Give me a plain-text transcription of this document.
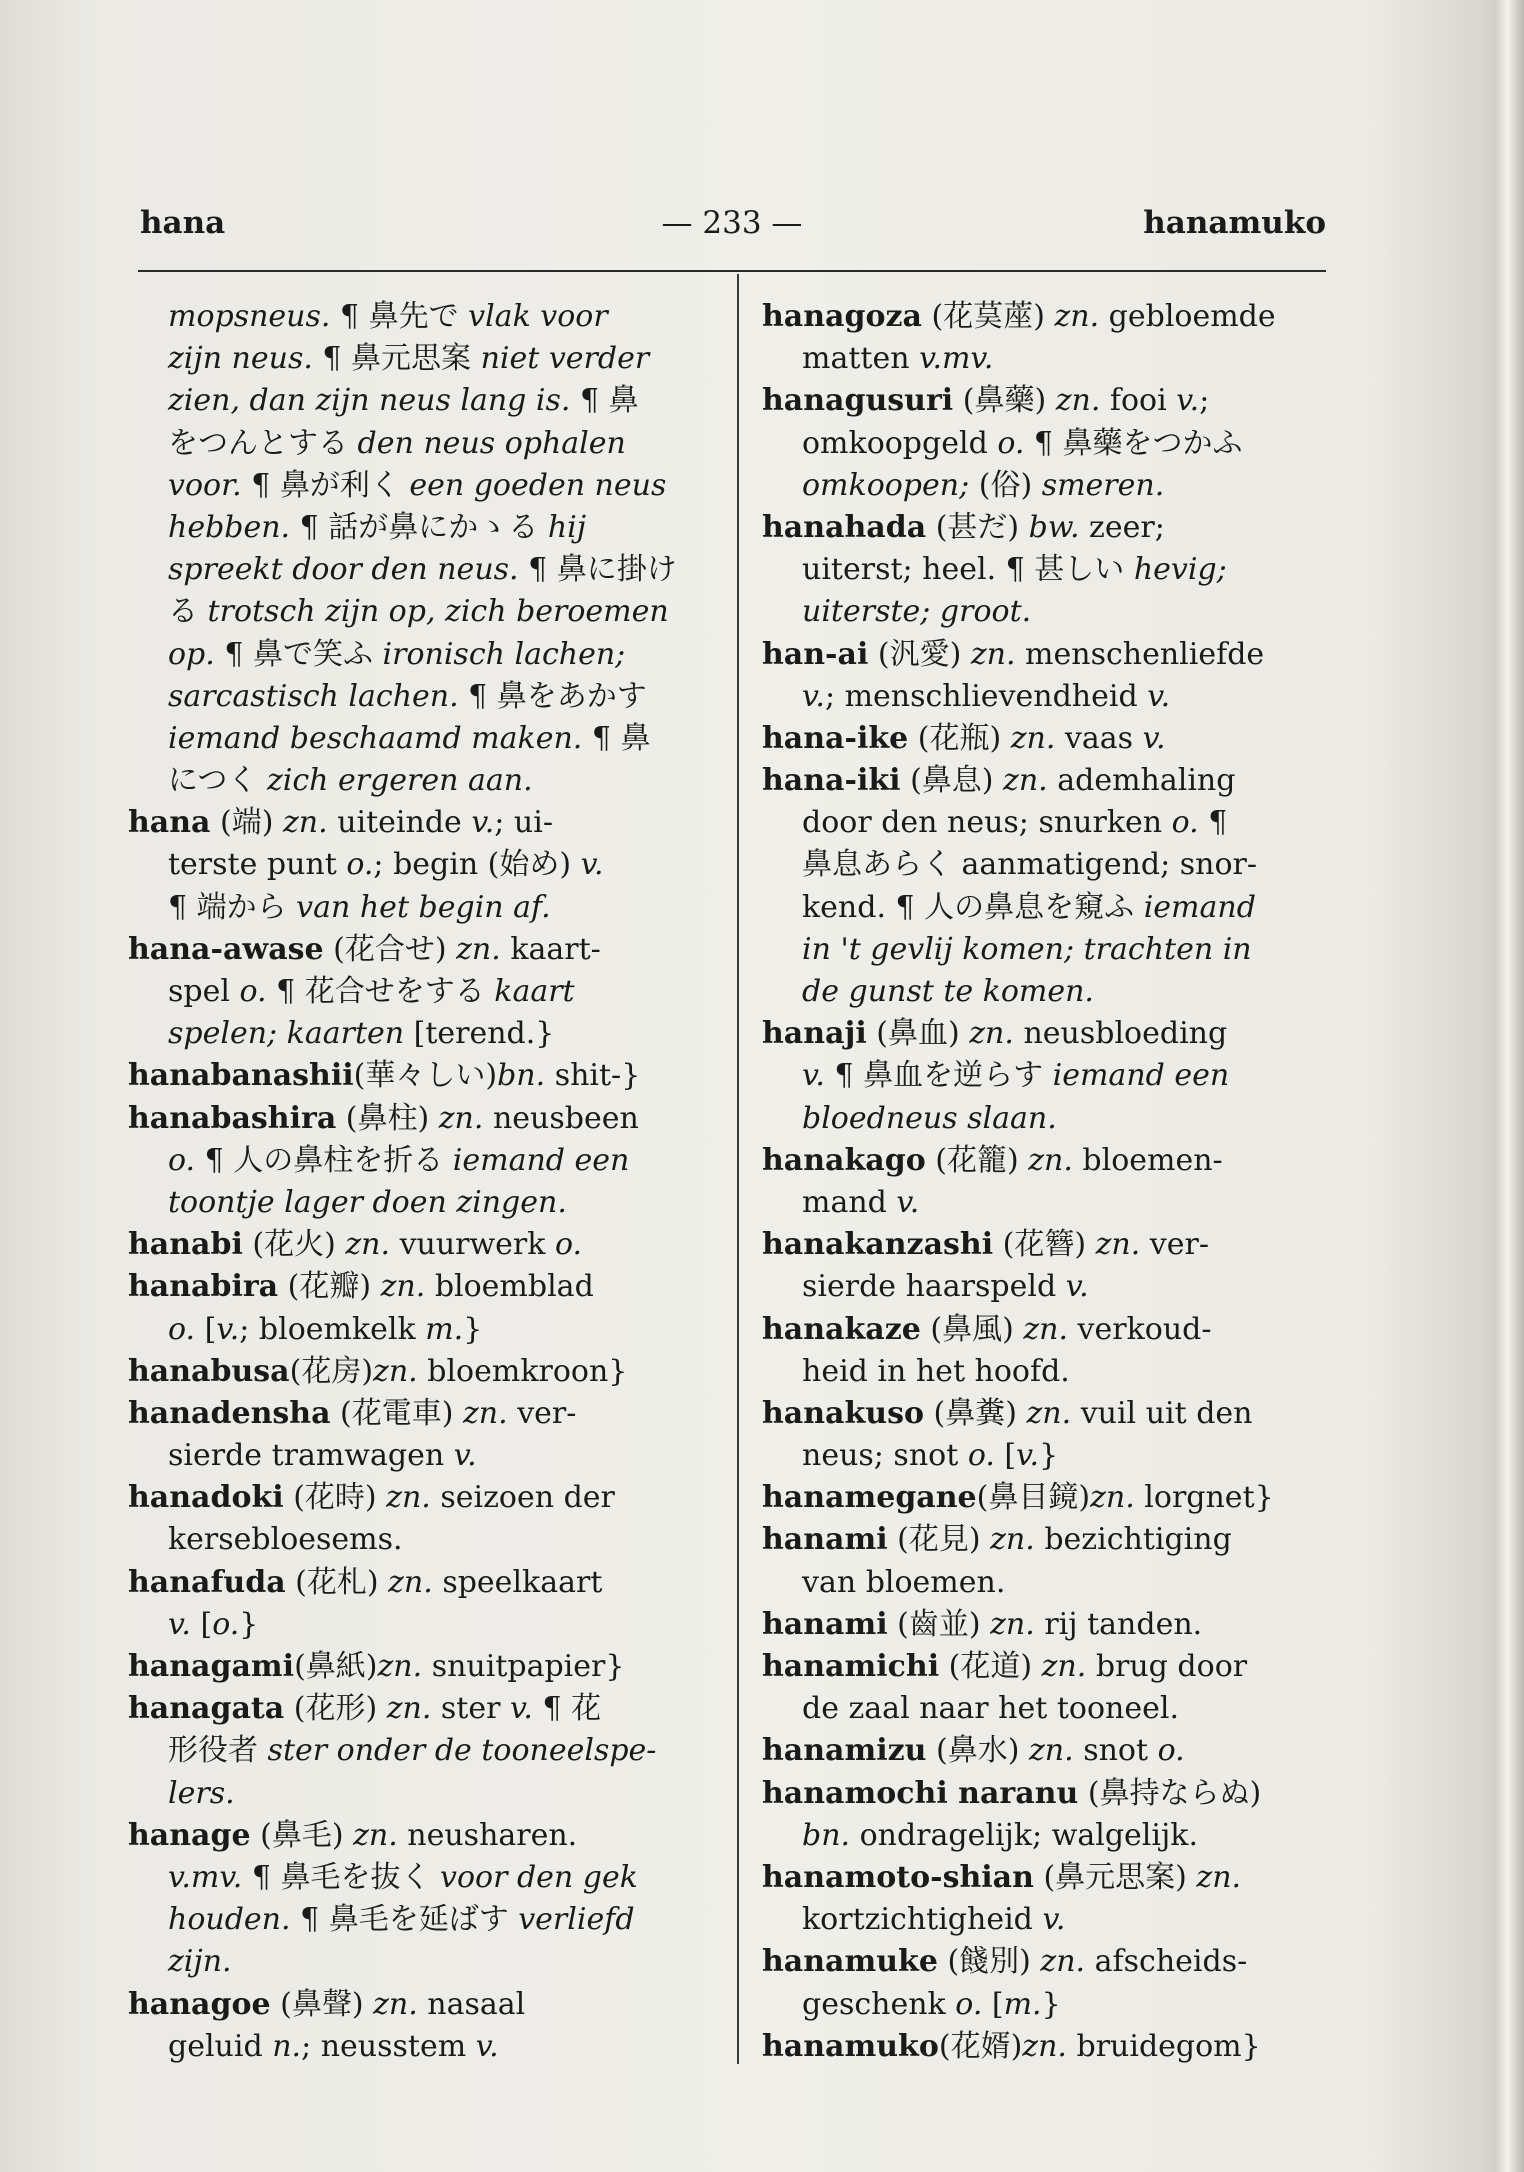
hana	— 233 —	hanamuko
mopsneus. ¶ 鼻先で vlak voor
zijn neus. ¶ 鼻元思案 niet verder
zien, dan zijn neus lang is. ¶ 鼻
をつんとする den neus ophalen
voor. ¶ 鼻が利く een goeden neus
hebben. ¶ 話が鼻にかゝる hij
spreekt door den neus. ¶ 鼻に掛け
る trotsch zijn op, zich beroemen
op. ¶ 鼻で笑ふ ironisch lachen;
sarcastisch lachen. ¶ 鼻をあかす
iemand beschaamd maken. ¶ 鼻
につく zich ergeren aan.
hana (端) zn. uiteinde v.; ui-
terste punt o.; begin (始め) v.
¶ 端から van het begin af.
hana-awase (花合せ) zn. kaart-
spel o. ¶ 花合せをする kaart
spelen; kaarten [terend.}
hanabanashii(華々しい)bn. shit-}
hanabashira (鼻柱) zn. neusbeen
o. ¶ 人の鼻柱を折る iemand een
toontje lager doen zingen.
hanabi (花火) zn. vuurwerk o.
hanabira (花瓣) zn. bloemblad
o. [v.; bloemkelk m.}
hanabusa(花房)zn. bloemkroon}
hanadensha (花電車) zn. ver-
sierde tramwagen v.
hanadoki (花時) zn. seizoen der
kersebloesems.
hanafuda (花札) zn. speelkaart
v. [o.}
hanagami(鼻紙)zn. snuitpapier}
hanagata (花形) zn. ster v. ¶ 花
形役者 ster onder de tooneelspe-
lers.
hanage (鼻毛) zn. neusharen.
v.mv. ¶ 鼻毛を抜く voor den gek
houden. ¶ 鼻毛を延ばす verliefd
zijn.
hanagoe (鼻聲) zn. nasaal
geluid n.; neusstem v.
hanagoza (花茣蓙) zn. gebloemde
matten v.mv.
hanagusuri (鼻藥) zn. fooi v.;
omkoopgeld o. ¶ 鼻藥をつかふ
omkoopen; (俗) smeren.
hanahada (甚だ) bw. zeer;
uiterst; heel. ¶ 甚しい hevig;
uiterste; groot.
han-ai (汎愛) zn. menschenliefde
v.; menschlievendheid v.
hana-ike (花瓶) zn. vaas v.
hana-iki (鼻息) zn. ademhaling
door den neus; snurken o. ¶
鼻息あらく aanmatigend; snor-
kend. ¶ 人の鼻息を窺ふ iemand
in 't gevlij komen; trachten in
de gunst te komen.
hanaji (鼻血) zn. neusbloeding
v. ¶ 鼻血を逆らす iemand een
bloedneus slaan.
hanakago (花籠) zn. bloemen-
mand v.
hanakanzashi (花簪) zn. ver-
sierde haarspeld v.
hanakaze (鼻風) zn. verkoud-
heid in het hoofd.
hanakuso (鼻糞) zn. vuil uit den
neus; snot o. [v.}
hanamegane(鼻目鏡)zn. lorgnet}
hanami (花見) zn. bezichtiging
van bloemen.
hanami (齒並) zn. rij tanden.
hanamichi (花道) zn. brug door
de zaal naar het tooneel.
hanamizu (鼻水) zn. snot o.
hanamochi naranu (鼻持ならぬ)
bn. ondragelijk; walgelijk.
hanamoto-shian (鼻元思案) zn.
kortzichtigheid v.
hanamuke (餞別) zn. afscheids-
geschenk o. [m.}
hanamuko(花婿)zn. bruidegom}
